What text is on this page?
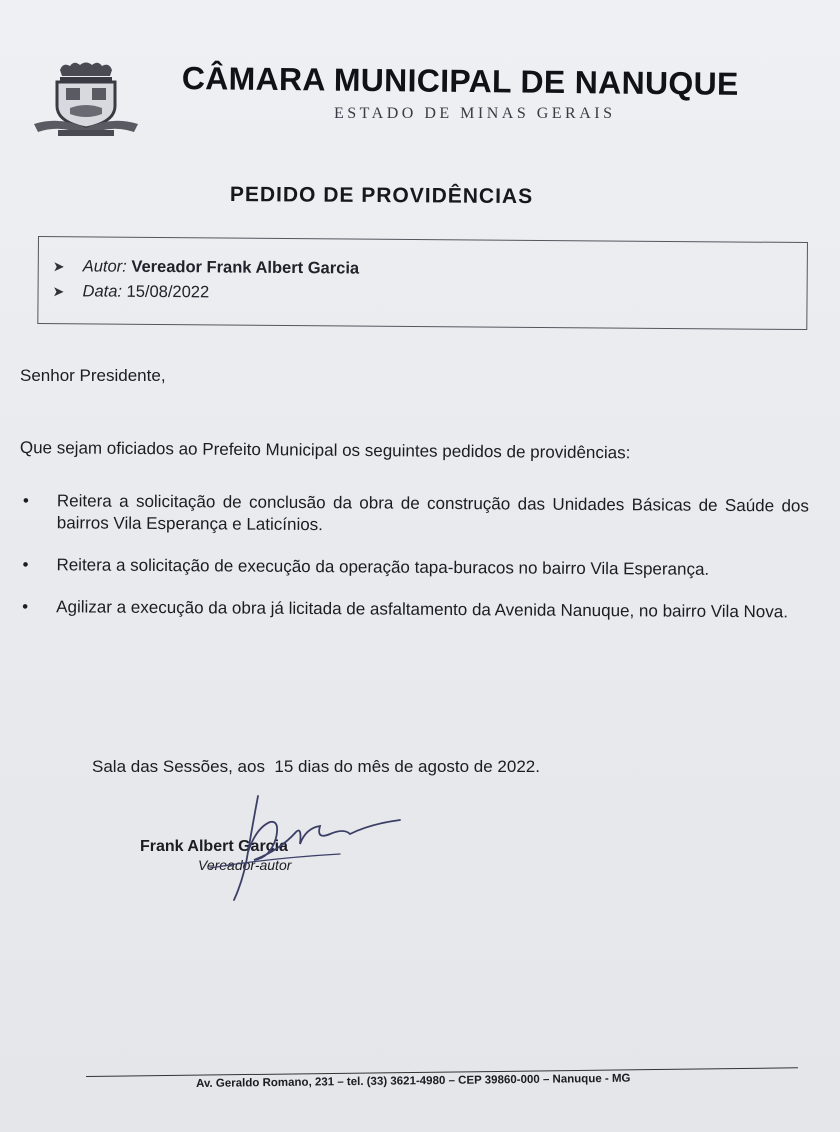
CÂMARA MUNICIPAL DE NANUQUE
ESTADO DE MINAS GERAIS
PEDIDO DE PROVIDÊNCIAS
➤ Autor: Vereador Frank Albert Garcia
➤ Data: 15/08/2022
Senhor Presidente,
Que sejam oficiados ao Prefeito Municipal os seguintes pedidos de providências:
• Reitera a solicitação de conclusão da obra de construção das Unidades Básicas de Saúde dos bairros Vila Esperança e Laticínios.
• Reitera a solicitação de execução da operação tapa-buracos no bairro Vila Esperança.
• Agilizar a execução da obra já licitada de asfaltamento da Avenida Nanuque, no bairro Vila Nova.
Sala das Sessões, aos  15 dias do mês de agosto de 2022.
Frank Albert Garcia
Vereador-autor
Av. Geraldo Romano, 231 – tel. (33) 3621-4980 – CEP 39860-000 – Nanuque - MG
